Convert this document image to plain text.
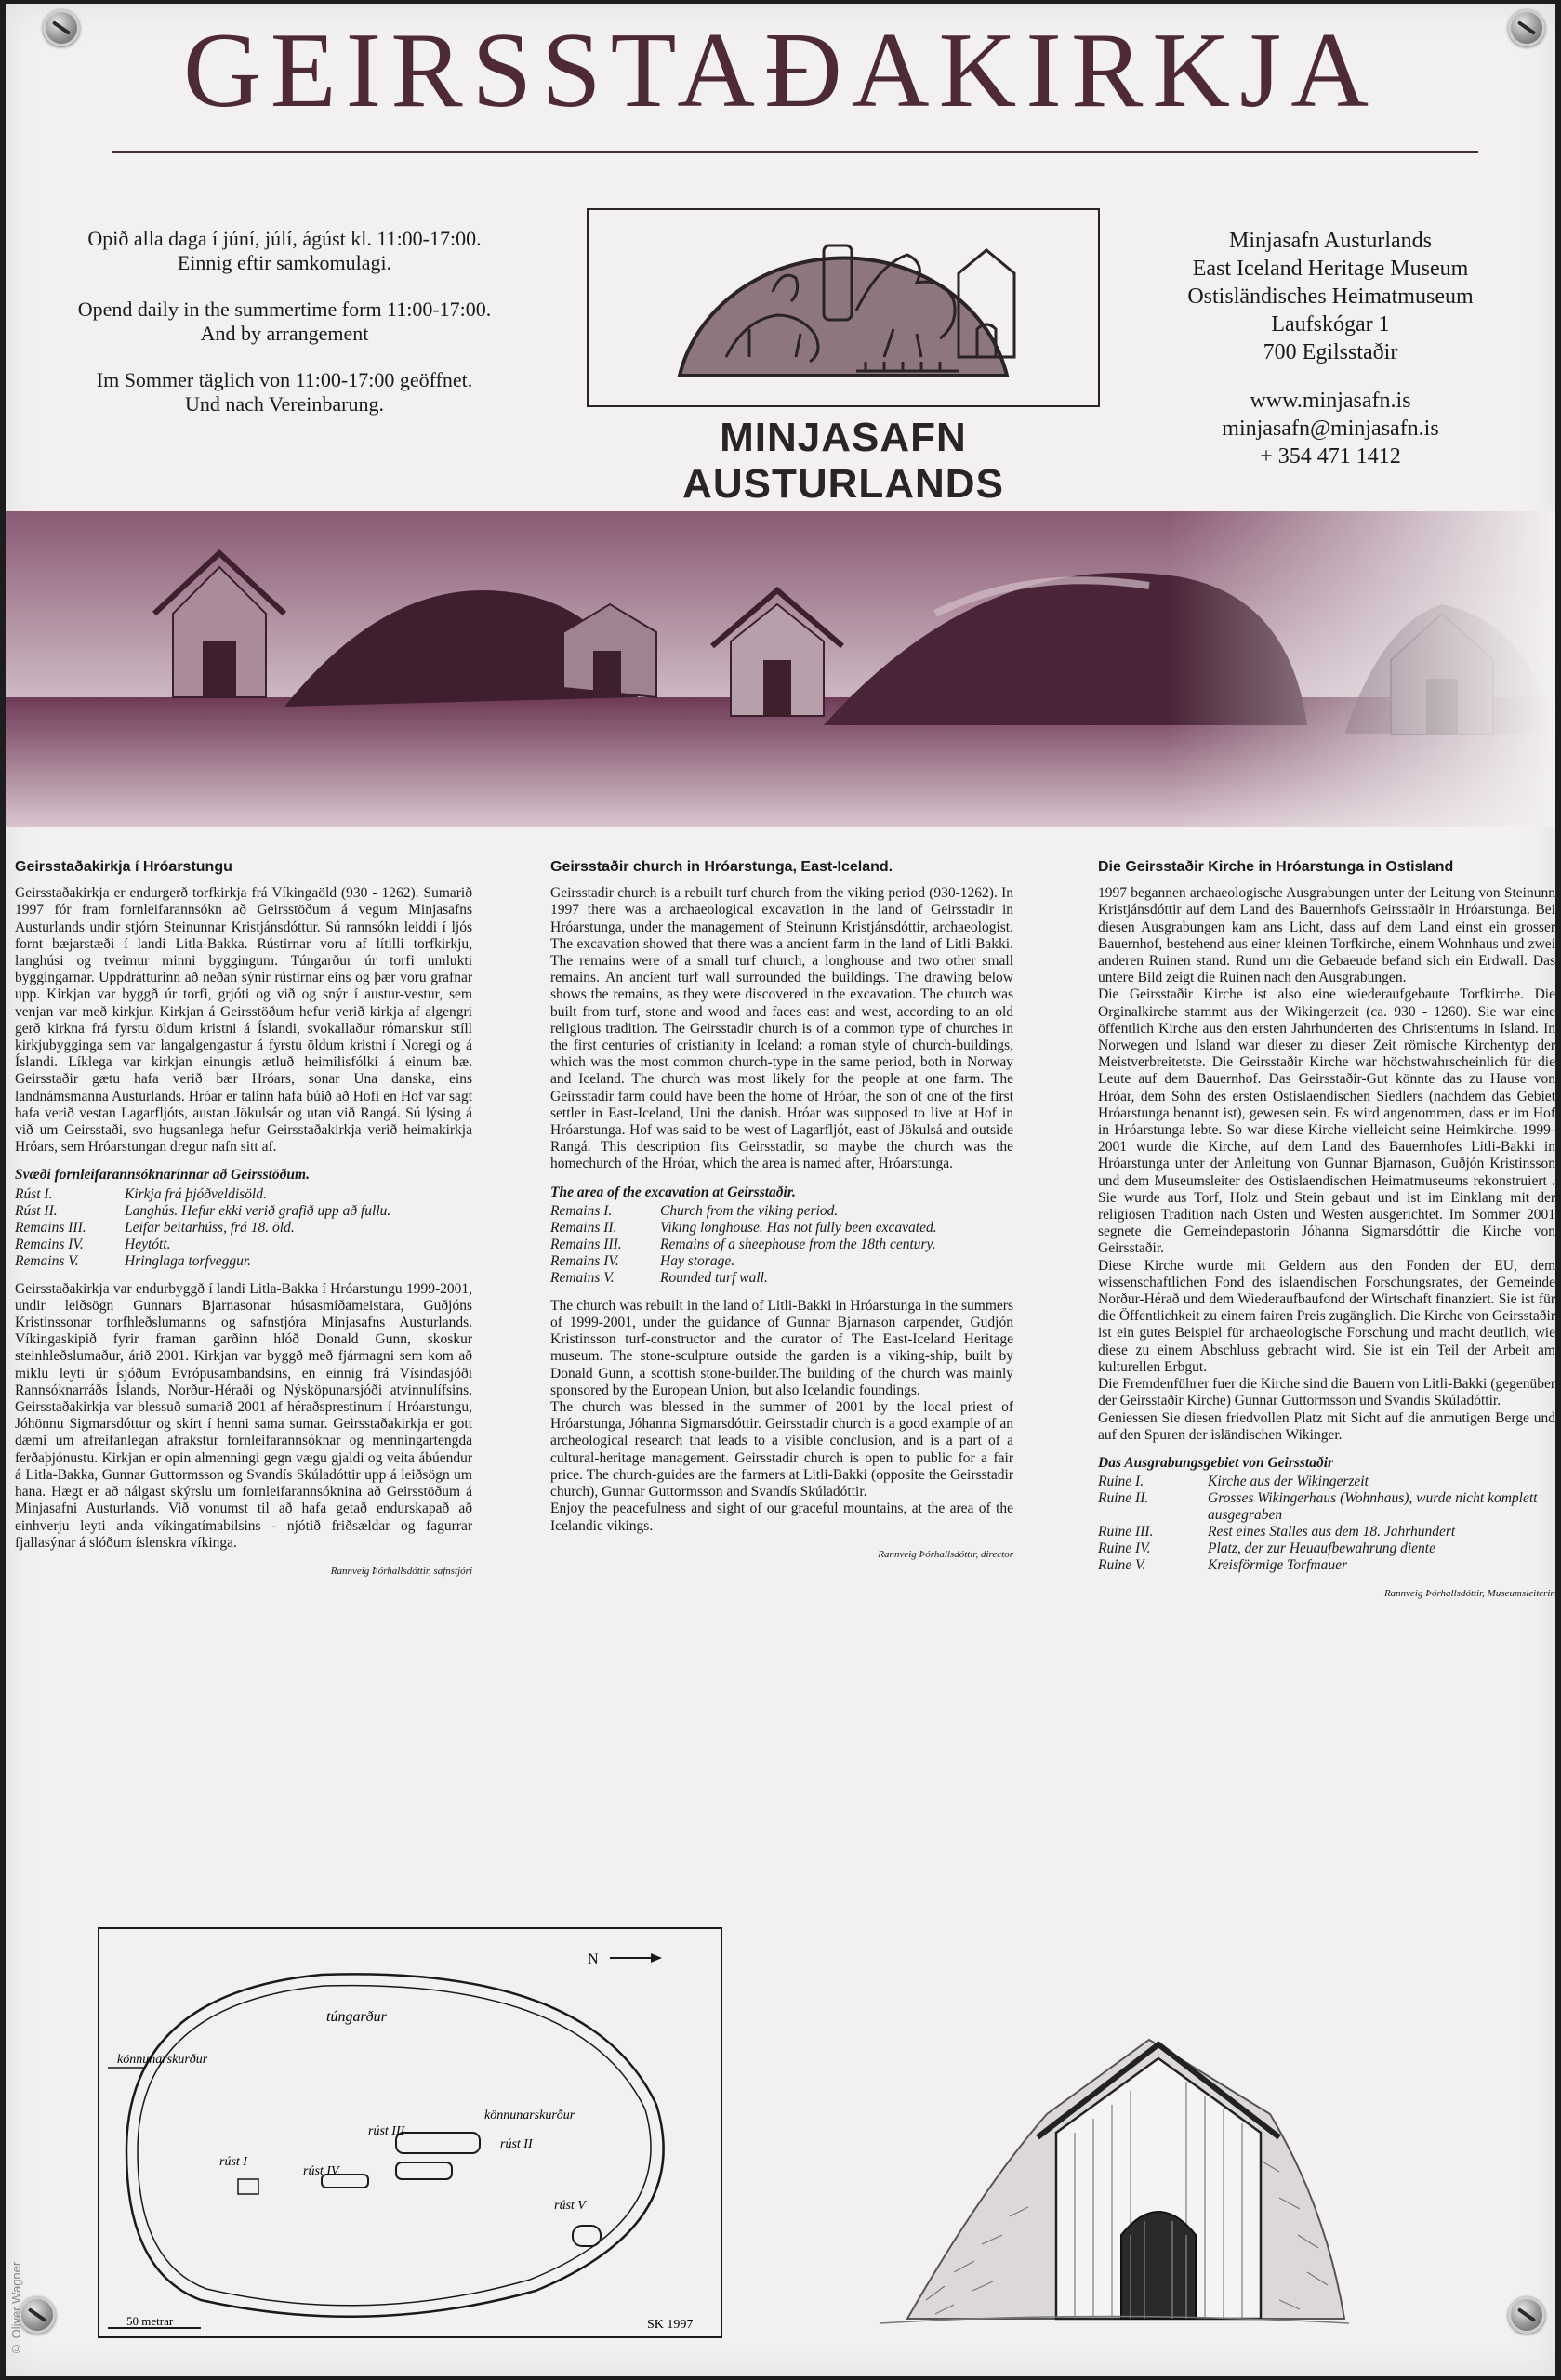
GEIRSSTAÐAKIRKJA

Opið alla daga í júní, júlí, ágúst kl. 11:00-17:00.
Einnig eftir samkomulagi.

Opend daily in the summertime form 11:00-17:00.
And by arrangement

Im Sommer täglich von 11:00-17:00 geöffnet.
Und nach Vereinbarung.

MINJASAFN AUSTURLANDS
Minjasafn Austurlands
East Iceland Heritage Museum
Ostisländisches Heimatmuseum
Laufskógar 1
700 Egilsstaðir
www.minjasafn.is
minjasafn@minjasafn.is
+ 354 471 1412
Geirsstaðakirkja í Hróarstungu

Geirsstaðakirkja er endurgerð torfkirkja frá Víkingaöld (930 - 1262). Sumarið 1997 fór fram fornleifarannsókn að Geirsstöðum á vegum Minjasafns Austurlands undir stjórn Steinunnar Kristjánsdóttur. Sú rannsókn leiddi í ljós fornt bæjarstæði í landi Litla-Bakka. Rústirnar voru af lítilli torfkirkju, langhúsi og tveimur minni byggingum. Túngarður úr torfi umlukti byggingarnar. Uppdrátturinn að neðan sýnir rústirnar eins og þær voru grafnar upp. Kirkjan var byggð úr torfi, grjóti og við og snýr í austur-vestur, sem venjan var með kirkjur. Kirkjan á Geirsstöðum hefur verið kirkja af algengri gerð kirkna frá fyrstu öldum kristni á Íslandi, svokallaður rómanskur stíll kirkjubygginga sem var langalgengastur á fyrstu öldum kristni í Noregi og á Íslandi. Líklega var kirkjan einungis ætluð heimilisfólki á einum bæ. Geirsstaðir gætu hafa verið bær Hróars, sonar Una danska, eins landnámsmanna Austurlands. Hróar er talinn hafa búið að Hofi en Hof var sagt hafa verið vestan Lagarfljóts, austan Jökulsár og utan við Rangá. Sú lýsing á við um Geirsstaði, svo hugsanlega hefur Geirsstaðakirkja verið heimakirkja Hróars, sem Hróarstungan dregur nafn sitt af.

Svæði fornleifarannsóknarinnar að Geirsstöðum.
Rúst I.	Kirkja frá þjóðveldisöld.
Rúst II.	Langhús. Hefur ekki verið grafið upp að fullu.
Remains III.	Leifar beitarhúss, frá 18. öld.
Remains IV.	Heytótt.
Remains V.	Hringlaga torfveggur.

Geirsstaðakirkja var endurbyggð í landi Litla-Bakka í Hróarstungu 1999-2001, undir leiðsögn Gunnars Bjarnasonar húsasmíðameistara, Guðjóns Kristinssonar torfhleðslumanns og safnstjóra Minjasafns Austurlands. Víkingaskipið fyrir framan garðinn hlóð Donald Gunn, skoskur steinhleðslumaður, árið 2001. Kirkjan var byggð með fjármagni sem kom að miklu leyti úr sjóðum Evrópusambandsins, en einnig frá Vísindasjóði Rannsóknarráðs Íslands, Norður-Héraði og Nýsköpunarsjóði atvinnulífsins. Geirsstaðakirkja var blessuð sumarið 2001 af héraðsprestinum í Hróarstungu, Jóhönnu Sigmarsdóttur og skírt í henni sama sumar. Geirsstaðakirkja er gott dæmi um afreifanlegan afrakstur fornleifarannsóknar og menningartengda ferðaþjónustu. Kirkjan er opin almenningi gegn vægu gjaldi og veita ábúendur á Litla-Bakka, Gunnar Guttormsson og Svandís Skúladóttir upp á leiðsögn um hana. Hægt er að nálgast skýrslu um fornleifarannsóknina að Geirsstöðum á Minjasafni Austurlands. Við vonumst til að hafa getað endurskapað að einhverju leyti anda víkingatímabilsins - njótið friðsældar og fagurrar fjallasýnar á slóðum íslenskra víkinga.

Rannveig Þórhallsdóttir, safnstjóri
Geirsstaðir church in Hróarstunga, East-Iceland.

Geirsstadir church is a rebuilt turf church from the viking period (930-1262). In 1997 there was a archaeological excavation in the land of Geirsstadir in Hróarstunga, under the management of Steinunn Kristjánsdóttir, archaeologist. The excavation showed that there was a ancient farm in the land of Litli-Bakki. The remains were of a small turf church, a longhouse and two other small remains. An ancient turf wall surrounded the buildings. The drawing below shows the remains, as they were discovered in the excavation. The church was built from turf, stone and wood and faces east and west, according to an old religious tradition. The Geirsstadir church is of a common type of churches in the first centuries of cristianity in Iceland: a roman style of church-buildings, which was the most common church-type in the same period, both in Norway and Iceland. The church was most likely for the people at one farm. The Geirsstadir farm could have been the home of Hróar, the son of one of the first settler in East-Iceland, Uni the danish. Hróar was supposed to live at Hof in Hróarstunga. Hof was said to be west of Lagarfljót, east of Jökulsá and outside Rangá. This description fits Geirsstadir, so maybe the church was the homechurch of the Hróar, which the area is named after, Hróarstunga.

The area of the excavation at Geirsstaðir.
Remains I.	Church from the viking period.
Remains II.	Viking longhouse. Has not fully been excavated.
Remains III.	Remains of a sheephouse from the 18th century.
Remains IV.	Hay storage.
Remains V.	Rounded turf wall.

The church was rebuilt in the land of Litli-Bakki in Hróarstunga in the summers of 1999-2001, under the guidance of Gunnar Bjarnason carpender, Gudjón Kristinsson turf-constructor and the curator of The East-Iceland Heritage museum. The stone-sculpture outside the garden is a viking-ship, built by Donald Gunn, a scottish stone-builder.The building of the church was mainly sponsored by the European Union, but also Icelandic foundings.

The church was blessed in the summer of 2001 by the local priest of Hróarstunga, Jóhanna Sigmarsdóttir. Geirsstadir church is a good example of an archeological research that leads to a visible conclusion, and is a part of a cultural-heritage management. Geirsstadir church is open to public for a fair price. The church-guides are the farmers at Litli-Bakki (opposite the Geirsstadir church), Gunnar Guttormsson and Svandís Skúladóttir.

Enjoy the peacefulness and sight of our graceful mountains, at the area of the Icelandic vikings.

Rannveig Þórhallsdóttir, director
Die Geirsstaðir Kirche in Hróarstunga in Ostisland

1997 begannen archaeologische Ausgrabungen unter der Leitung von Steinunn Kristjánsdóttir auf dem Land des Bauernhofs Geirsstaðir in Hróarstunga. Bei diesen Ausgrabungen kam ans Licht, dass auf dem Land einst ein grosser Bauernhof, bestehend aus einer kleinen Torfkirche, einem Wohnhaus und zwei anderen Ruinen stand. Rund um die Gebaeude befand sich ein Erdwall. Das untere Bild zeigt die Ruinen nach den Ausgrabungen.

Die Geirsstaðir Kirche ist also eine wiederaufgebaute Torfkirche. Die Orginalkirche stammt aus der Wikingerzeit (ca. 930 - 1260). Sie war eine öffentlich Kirche aus den ersten Jahrhunderten des Christentums in Island. In Norwegen und Island war dieser zu dieser Zeit römische Kirchentyp der Meistverbreitetste. Die Geirsstaðir Kirche war höchstwahrscheinlich für die Leute auf dem Bauernhof. Das Geirsstaðir-Gut könnte das zu Hause von Hróar, dem Sohn des ersten Ostislaendischen Siedlers (nachdem das Gebiet Hróarstunga benannt ist), gewesen sein. Es wird angenommen, dass er im Hof in Hróarstunga lebte. So war diese Kirche vielleicht seine Heimkirche. 1999-2001 wurde die Kirche, auf dem Land des Bauernhofes Litli-Bakki in Hróarstunga unter der Anleitung von Gunnar Bjarnason, Guðjón Kristinsson und dem Museumsleiter des Ostislaendischen Heimatmuseums rekonstruiert . Sie wurde aus Torf, Holz und Stein gebaut und ist im Einklang mit der religiösen Tradition nach Osten und Westen ausgerichtet. Im Sommer 2001 segnete die Gemeindepastorin Jóhanna Sigmarsdóttir die Kirche von Geirsstaðir.

Diese Kirche wurde mit Geldern aus den Fonden der EU, dem wissenschaftlichen Fond des islaendischen Forschungsrates, der Gemeinde Norður-Hérað und dem Wiederaufbaufond der Wirtschaft finanziert. Sie ist für die Öffentlichkeit zu einem fairen Preis zugänglich. Die Kirche von Geirsstaðir ist ein gutes Beispiel für archaeologische Forschung und macht deutlich, wie diese zu einem Abschluss gebracht wird. Sie ist ein Teil der Arbeit am kulturellen Erbgut.

Die Fremdenführer fuer die Kirche sind die Bauern von Litli-Bakki (gegenüber der Geirsstaðir Kirche) Gunnar Guttormsson und Svandís Skúladóttir.

Geniessen Sie diesen friedvollen Platz mit Sicht auf die anmutigen Berge und auf den Spuren der isländischen Wikinger.

Das Ausgrabungsgebiet von Geirsstaðir
Ruine I.	Kirche aus der Wikingerzeit
Ruine II.	Grosses Wikingerhaus (Wohnhaus), wurde nicht komplett ausgegraben
Ruine III.	Rest eines Stalles aus dem 18. Jahrhundert
Ruine IV.	Platz, der zur Heuaufbewahrung diente
Ruine V.	Kreisförmige Torfmauer
Rannveig Þórhallsdóttir, Museumsleiterin
N
túngarður
könnunarskurður
könnunarskurður
rúst I
rúst II
rúst III
rúst IV
rúst V
50 metrar	SK 1997
© Oliver Wagner
